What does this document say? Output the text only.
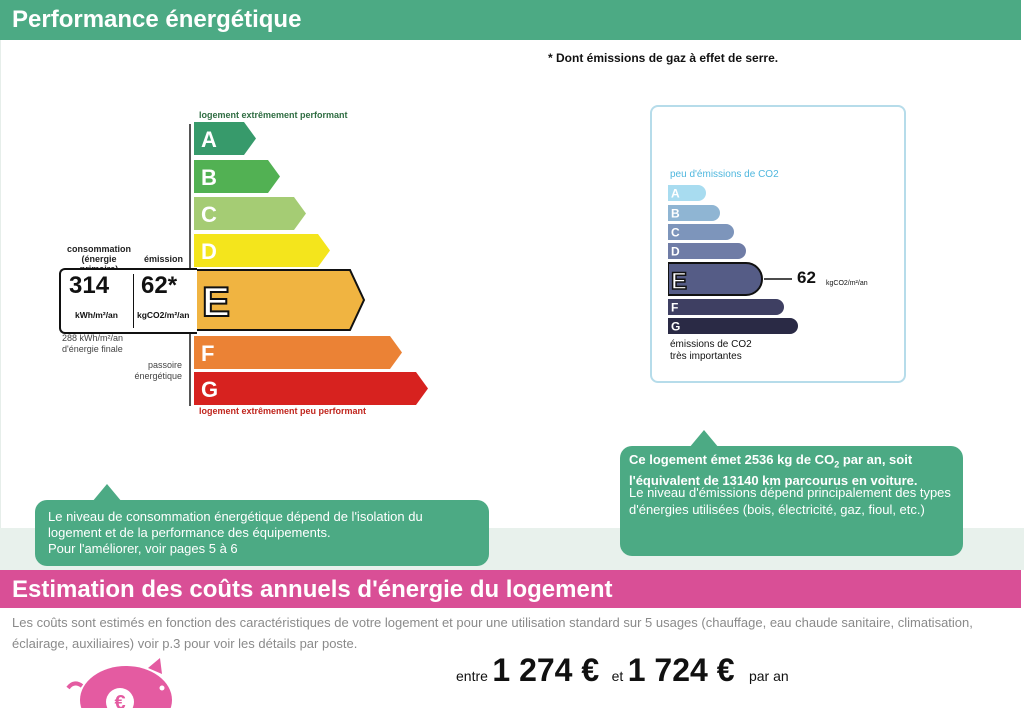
Performance énergétique
* Dont émissions de gaz à effet de serre.
logement extrêmement performant
A
B
C
D
E
F
G
logement extrêmement peu performant
consommation
(énergie	émission
314
kWh/m²/an
62*
kgCO2/m²/an
288 kWh/m²/an
d'énergie finale
passoire
énergétique
peu d'émissions de CO2
A
B
C
D
E
F
G
émissions de CO2
très importantes
62 kgCO2/m²/an

Le niveau de consommation énergétique dépend de l'isolation du logement et de la performance des équipements.

Pour l'améliorer, voir pages 5 à 6

Ce logement émet 2536 kg de $CO_2$ par an, soit l'équivalent de 13140 km parcourus en voiture.

Le niveau d'émissions dépend principalement des types d'énergies utilisées (bois, électricité, gaz, fioul, etc.)

Estimation des coûts annuels d'énergie du logement
Les coûts sont estimés en fonction des caractéristiques de votre logement et pour une utilisation standard sur 5 usages (chauffage, eau chaude sanitaire, climatisation, éclairage, auxiliaires) voir p.3 pour voir les détails par poste.
€
entre 1 274 € et 1 724 € par an
